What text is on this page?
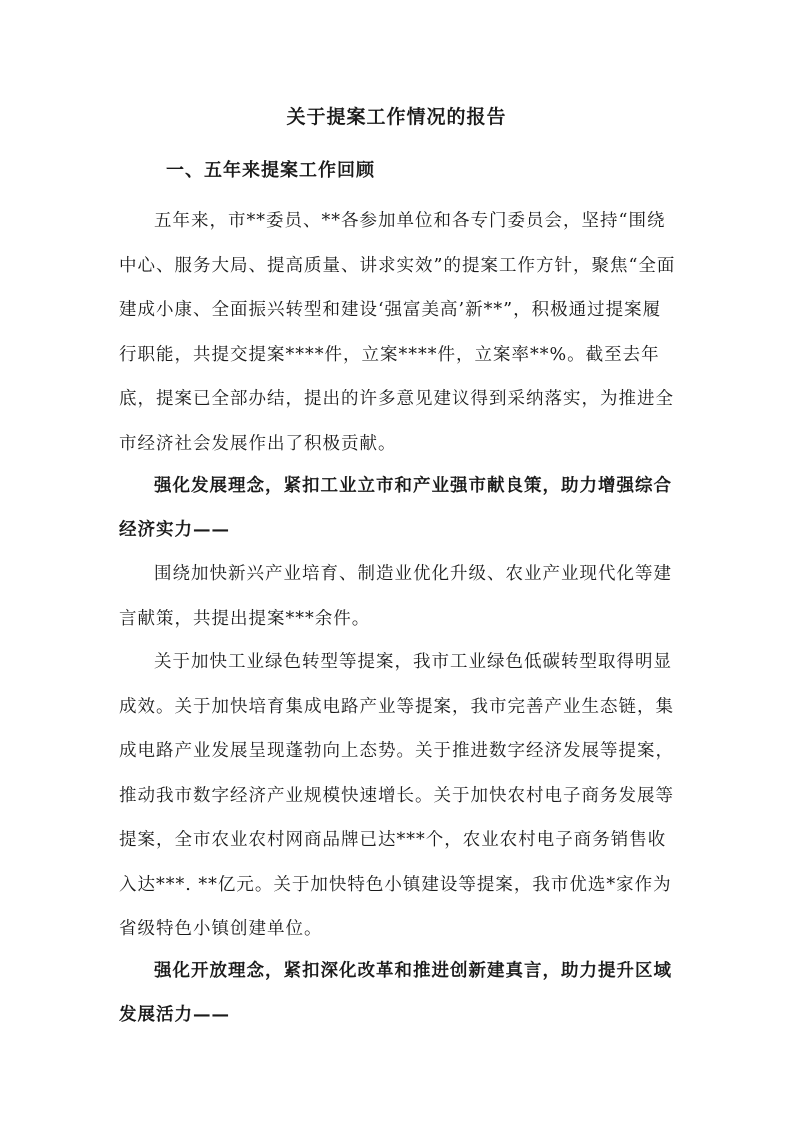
关于提案工作情况的报告
一、五年来提案工作回顾

五年来，市**委员、**各参加单位和各专门委员会，坚持“围绕中心、服务大局、提高质量、讲求实效”的提案工作方针，聚焦“全面建成小康、全面振兴转型和建设‘强富美高’新**”，积极通过提案履行职能，共提交提案****件，立案****件，立案率**%。截至去年底，提案已全部办结，提出的许多意见建议得到采纳落实，为推进全市经济社会发展作出了积极贡献。

强化发展理念，紧扣工业立市和产业强市献良策，助力增强综合经济实力——

围绕加快新兴产业培育、制造业优化升级、农业产业现代化等建言献策，共提出提案***余件。

关于加快工业绿色转型等提案，我市工业绿色低碳转型取得明显成效。关于加快培育集成电路产业等提案，我市完善产业生态链，集成电路产业发展呈现蓬勃向上态势。关于推进数字经济发展等提案，推动我市数字经济产业规模快速增长。关于加快农村电子商务发展等提案，全市农业农村网商品牌已达***个，农业农村电子商务销售收入达***. **亿元。关于加快特色小镇建设等提案，我市优选*家作为省级特色小镇创建单位。

强化开放理念，紧扣深化改革和推进创新建真言，助力提升区域发展活力——
